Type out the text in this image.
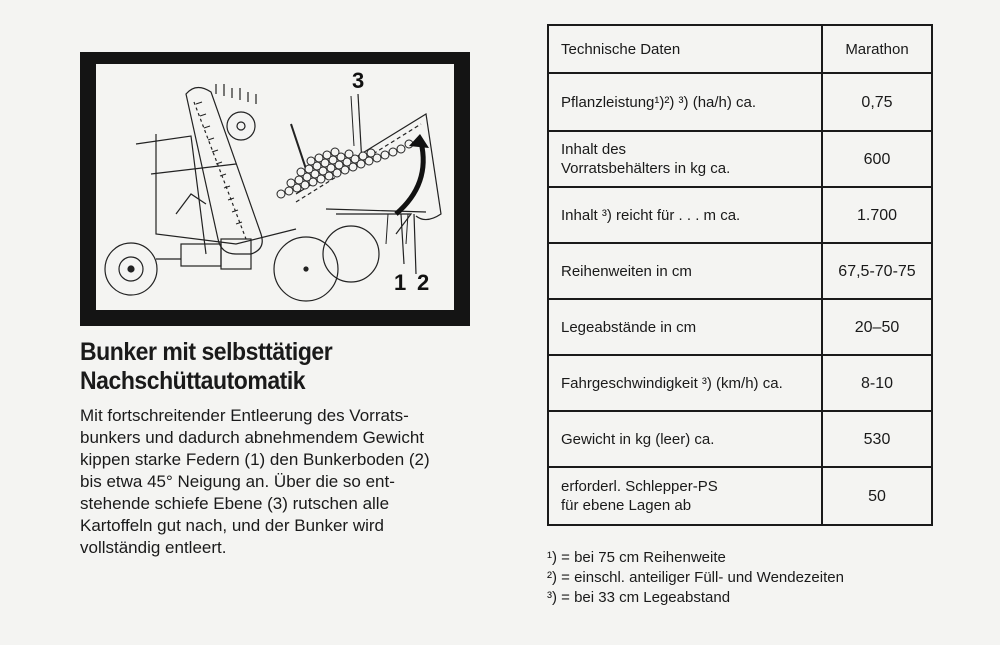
3
1 2
Bunker mit selbsttätiger
Nachschüttautomatik

Mit fortschreitender Entleerung des Vorrats-
bunkers und dadurch abnehmendem Gewicht
kippen starke Federn (1) den Bunkerboden (2)
bis etwa 45° Neigung an. Über die so ent-
stehende schiefe Ebene (3) rutschen alle
Kartoffeln gut nach, und der Bunker wird
vollständig entleert.

Technische Daten	Marathon
Pflanzleistung¹)²) ³) (ha/h) ca.	0,75
Inhalt des
Vorratsbehälters in kg ca.	600
Inhalt ³) reicht für . . . m ca.	1.700
Reihenweiten in cm	67,5-70-75
Legeabstände in cm	20–50
Fahrgeschwindigkeit ³) (km/h) ca.	8-10
Gewicht in kg (leer) ca.	530
erforderl. Schlepper-PS
für ebene Lagen ab	50
¹) = bei 75 cm Reihenweite
²) = einschl. anteiliger Füll- und Wendezeiten
³) = bei 33 cm Legeabstand
